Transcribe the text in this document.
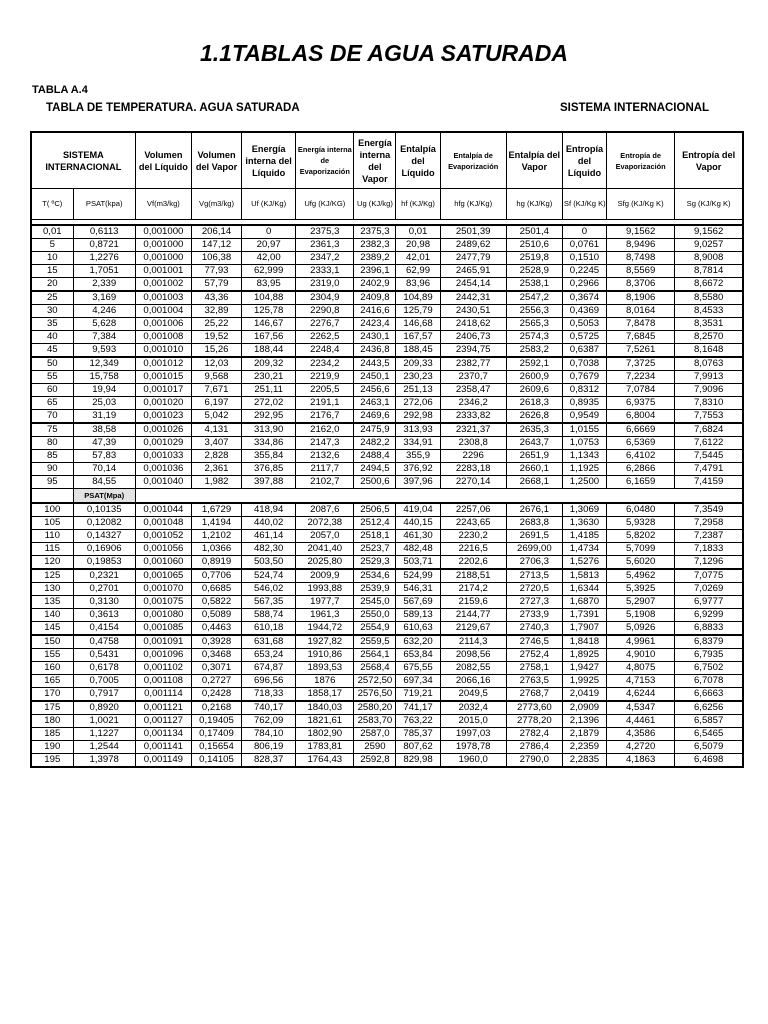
1.1TABLAS DE AGUA SATURADA
TABLA A.4
TABLA DE TEMPERATURA. AGUA SATURADA	SISTEMA INTERNACIONAL
SISTEMA INTERNACIONAL		Volumen del Líquido	Volumen del Vapor	Energía interna del Líquido	Energía interna de Evaporización	Energía interna del Vapor	Entalpía del Líquido	Entalpía de Evaporización	Entalpía del Vapor	Entropía del Líquido	Entropía de Evaporización	Entropía del Vapor
T( ºC)	PSAT(kpa)	Vf(m3/kg)	Vg(m3/kg)	Uf (KJ/Kg)	Ufg (KJ/KG)	Ug (KJ/kg)	hf (KJ/Kg)	hfg (KJ/Kg)	hg (KJ/Kg)	Sf (KJ/Kg K)	Sfg (KJ/Kg K)	Sg (KJ/Kg K)

0,01	0,6113	0,001000	206,14	0	2375,3	2375,3	0,01	2501,39	2501,4	0	9,1562	9,1562
5	0,8721	0,001000	147,12	20,97	2361,3	2382,3	20,98	2489,62	2510,6	0,0761	8,9496	9,0257
10	1,2276	0,001000	106,38	42,00	2347,2	2389,2	42,01	2477,79	2519,8	0,1510	8,7498	8,9008
15	1,7051	0,001001	77,93	62,999	2333,1	2396,1	62,99	2465,91	2528,9	0,2245	8,5569	8,7814
20	2,339	0,001002	57,79	83,95	2319,0	2402,9	83,96	2454,14	2538,1	0,2966	8,3706	8,6672
25	3,169	0,001003	43,36	104,88	2304,9	2409,8	104,89	2442,31	2547,2	0,3674	8,1906	8,5580
30	4,246	0,001004	32,89	125,78	2290,8	2416,6	125,79	2430,51	2556,3	0,4369	8,0164	8,4533
35	5,628	0,001006	25,22	146,67	2276,7	2423,4	146,68	2418,62	2565,3	0,5053	7,8478	8,3531
40	7,384	0,001008	19,52	167,56	2262,5	2430,1	167,57	2406,73	2574,3	0,5725	7,6845	8,2570
45	9,593	0,001010	15,26	188,44	2248,4	2436,8	188,45	2394,75	2583,2	0,6387	7,5261	8,1648
50	12,349	0,001012	12,03	209,32	2234,2	2443,5	209,33	2382,77	2592,1	0,7038	7,3725	8,0763
55	15,758	0,001015	9,568	230,21	2219,9	2450,1	230,23	2370,7	2600,9	0,7679	7,2234	7,9913
60	19,94	0,001017	7,671	251,11	2205,5	2456,6	251,13	2358,47	2609,6	0,8312	7,0784	7,9096
65	25,03	0,001020	6,197	272,02	2191,1	2463,1	272,06	2346,2	2618,3	0,8935	6,9375	7,8310
70	31,19	0,001023	5,042	292,95	2176,7	2469,6	292,98	2333,82	2626,8	0,9549	6,8004	7,7553
75	38,58	0,001026	4,131	313,90	2162,0	2475,9	313,93	2321,37	2635,3	1,0155	6,6669	7,6824
80	47,39	0,001029	3,407	334,86	2147,3	2482,2	334,91	2308,8	2643,7	1,0753	6,5369	7,6122
85	57,83	0,001033	2,828	355,84	2132,6	2488,4	355,9	2296	2651,9	1,1343	6,4102	7,5445
90	70,14	0,001036	2,361	376,85	2117,7	2494,5	376,92	2283,18	2660,1	1,1925	6,2866	7,4791
95	84,55	0,001040	1,982	397,88	2102,7	2500,6	397,96	2270,14	2668,1	1,2500	6,1659	7,4159
	PSAT(Mpa)											
100	0,10135	0,001044	1,6729	418,94	2087,6	2506,5	419,04	2257,06	2676,1	1,3069	6,0480	7,3549
105	0,12082	0,001048	1,4194	440,02	2072,38	2512,4	440,15	2243,65	2683,8	1,3630	5,9328	7,2958
110	0,14327	0,001052	1,2102	461,14	2057,0	2518,1	461,30	2230,2	2691,5	1,4185	5,8202	7,2387
115	0,16906	0,001056	1,0366	482,30	2041,40	2523,7	482,48	2216,5	2699,00	1,4734	5,7099	7,1833
120	0,19853	0,001060	0,8919	503,50	2025,80	2529,3	503,71	2202,6	2706,3	1,5276	5,6020	7,1296
125	0,2321	0,001065	0,7706	524,74	2009,9	2534,6	524,99	2188,51	2713,5	1,5813	5,4962	7,0775
130	0,2701	0,001070	0,6685	546,02	1993,88	2539,9	546,31	2174,2	2720,5	1,6344	5,3925	7,0269
135	0,3130	0,001075	0,5822	567,35	1977,7	2545,0	567,69	2159,6	2727,3	1,6870	5,2907	6,9777
140	0,3613	0,001080	0,5089	588,74	1961,3	2550,0	589,13	2144,77	2733,9	1,7391	5,1908	6,9299
145	0,4154	0,001085	0,4463	610,18	1944,72	2554,9	610,63	2129,67	2740,3	1,7907	5,0926	6,8833
150	0,4758	0,001091	0,3928	631,68	1927,82	2559,5	632,20	2114,3	2746,5	1,8418	4,9961	6,8379
155	0,5431	0,001096	0,3468	653,24	1910,86	2564,1	653,84	2098,56	2752,4	1,8925	4,9010	6,7935
160	0,6178	0,001102	0,3071	674,87	1893,53	2568,4	675,55	2082,55	2758,1	1,9427	4,8075	6,7502
165	0,7005	0,001108	0,2727	696,56	1876	2572,50	697,34	2066,16	2763,5	1,9925	4,7153	6,7078
170	0,7917	0,001114	0,2428	718,33	1858,17	2576,50	719,21	2049,5	2768,7	2,0419	4,6244	6,6663
175	0,8920	0,001121	0,2168	740,17	1840,03	2580,20	741,17	2032,4	2773,60	2,0909	4,5347	6,6256
180	1,0021	0,001127	0,19405	762,09	1821,61	2583,70	763,22	2015,0	2778,20	2,1396	4,4461	6,5857
185	1,1227	0,001134	0,17409	784,10	1802,90	2587,0	785,37	1997,03	2782,4	2,1879	4,3586	6,5465
190	1,2544	0,001141	0,15654	806,19	1783,81	2590	807,62	1978,78	2786,4	2,2359	4,2720	6,5079
195	1,3978	0,001149	0,14105	828,37	1764,43	2592,8	829,98	1960,0	2790,0	2,2835	4,1863	6,4698
